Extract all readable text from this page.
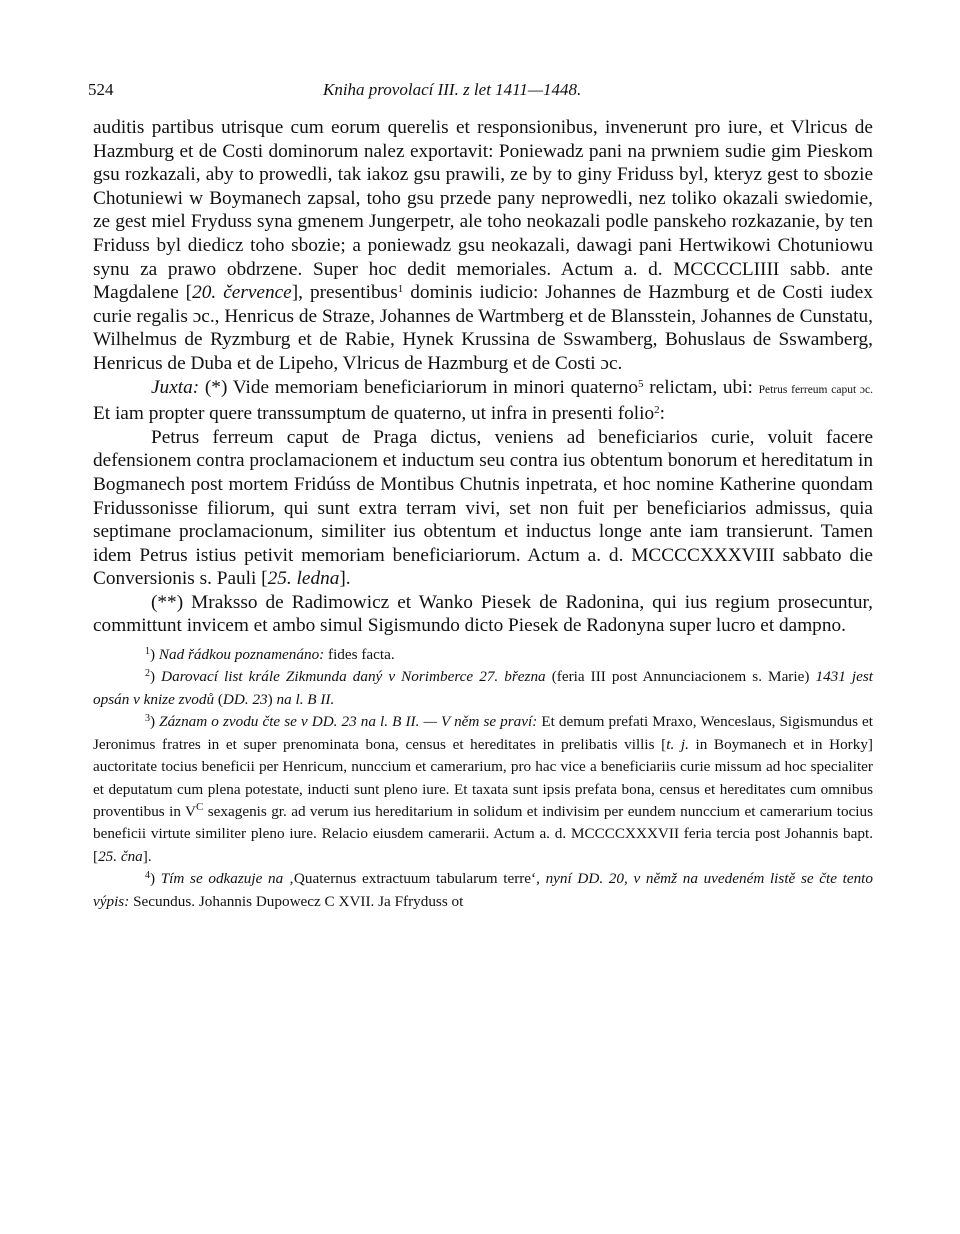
524	Kniha provolací III. z let 1411—1448.

auditis partibus utrisque cum eorum querelis et responsionibus, invenerunt pro iure, et Vlricus de Hazmburg et de Costi dominorum nalez exportavit: Poniewadz pani na prwniem sudie gim Pieskom gsu rozkazali, aby to prowedli, tak iakoz gsu prawili, ze by to giny Friduss byl, kteryz gest to sbozie Chotuniewi w Boymanech zapsal, toho gsu przede pany neprowedli, nez toliko okazali swiedomie, ze gest miel Fryduss syna gmenem Jungerpetr, ale toho neokazali podle panskeho rozkazanie, by ten Friduss byl diedicz toho sbozie; a poniewadz gsu neokazali, dawagi pani Hertwikowi Chotuniowu synu za prawo obdrzene. Super hoc dedit memoriales. Actum a. d. MCCCCLIIII sabb. ante Magdalene [20. července], presentibus$^1$ dominis iudicio: Johannes de Hazmburg et de Costi iudex curie regalis ɔc., Henricus de Straze, Johannes de Wartmberg et de Blansstein, Johannes de Cunstatu, Wilhelmus de Ryzmburg et de Rabie, Hynek Krussina de Sswamberg, Bohuslaus de Sswamberg, Henricus de Duba et de Lipeho, Vlricus de Hazmburg et de Costi ɔc.

Juxta: (*) Vide memoriam beneficiariorum in minori quaterno$^5$ relictam, ubi: Petrus ferreum caput ɔc. Et iam propter quere transsumptum de quaterno, ut infra in presenti folio$^2$:

Petrus ferreum caput de Praga dictus, veniens ad beneficiarios curie, voluit facere defensionem contra proclamacionem et inductum seu contra ius obtentum bonorum et hereditatum in Bogmanech post mortem Fridúss de Montibus Chutnis inpetrata, et hoc nomine Katherine quondam Fridussonisse filiorum, qui sunt extra terram vivi, set non fuit per beneficiarios admissus, quia septimane proclamacionum, similiter ius obtentum et inductus longe ante iam transierunt. Tamen idem Petrus istius petivit memoriam beneficiariorum. Actum a. d. MCCCCXXXVIII sabbato die Conversionis s. Pauli [25. ledna].

(**) Mraksso de Radimowicz et Wanko Piesek de Radonina, qui ius regium prosecuntur, committunt invicem et ambo simul Sigismundo dicto Piesek de Radonyna super lucro et dampno.

$^1$) Nad řádkou poznamenáno: fides facta.

$^2$) Darovací list krále Zikmunda daný v Norimberce 27. března (feria III post Annunciacionem s. Marie) 1431 jest opsán v knize zvodů (DD. 23) na l. B II.

$^3$) Záznam o zvodu čte se v DD. 23 na l. B II. — V něm se praví: Et demum prefati Mraxo, Wenceslaus, Sigismundus et Jeronimus fratres in et super prenominata bona, census et hereditates in prelibatis villis [t. j. in Boymanech et in Horky] auctoritate tocius beneficii per Henricum, nunccium et camerarium, pro hac vice a beneficiariis curie missum ad hoc specialiter et deputatum cum plena potestate, inducti sunt pleno iure. Et taxata sunt ipsis prefata bona, census et hereditates cum omnibus proventibus in $V^C$ sexagenis gr. ad verum ius hereditarium in solidum et indivisim per eundem nunccium et camerarium tocius beneficii virtute similiter pleno iure. Relacio eiusdem camerarii. Actum a. d. MCCCCXXXVII feria tercia post Johannis bapt. [25. čna].

$^4$) Tím se odkazuje na ‚Quaternus extractuum tabularum terre‘, nyní DD. 20, v němž na uvedeném listě se čte tento výpis: Secundus. Johannis Dupowecz C XVII. Ja Ffryduss ot
